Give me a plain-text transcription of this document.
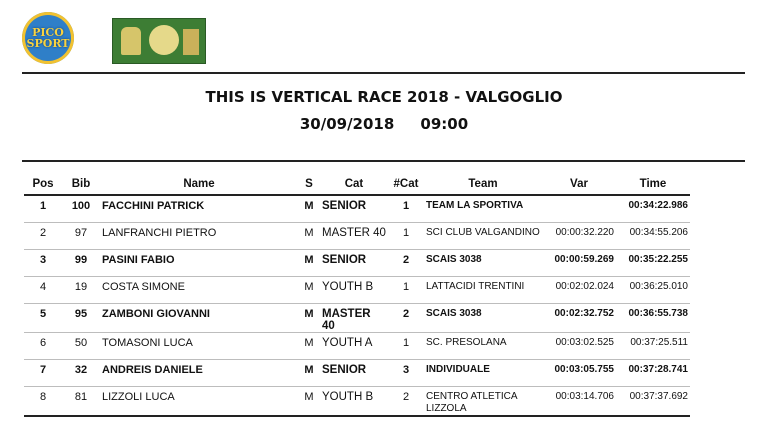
PICO
SPORT
THIS IS VERTICAL RACE 2018 - VALGOGLIO
30/09/2018     09:00
Pos	Bib	Name	S	Cat	#Cat	Team	Var	Time
1	100	FACCHINI PATRICK	M	SENIOR	1	TEAM LA SPORTIVA		00:34:22.986
2	97	LANFRANCHI PIETRO	M	MASTER 40	1	SCI CLUB VALGANDINO	00:00:32.220	00:34:55.206
3	99	PASINI FABIO	M	SENIOR	2	SCAIS 3038	00:00:59.269	00:35:22.255
4	19	COSTA SIMONE	M	YOUTH B	1	LATTACIDI TRENTINI	00:02:02.024	00:36:25.010
5	95	ZAMBONI GIOVANNI	M	MASTER 40	2	SCAIS 3038	00:02:32.752	00:36:55.738
6	50	TOMASONI LUCA	M	YOUTH A	1	SC. PRESOLANA	00:03:02.525	00:37:25.511
7	32	ANDREIS DANIELE	M	SENIOR	3	INDIVIDUALE	00:03:05.755	00:37:28.741
8	81	LIZZOLI LUCA	M	YOUTH B	2	CENTRO ATLETICA LIZZOLA	00:03:14.706	00:37:37.692
